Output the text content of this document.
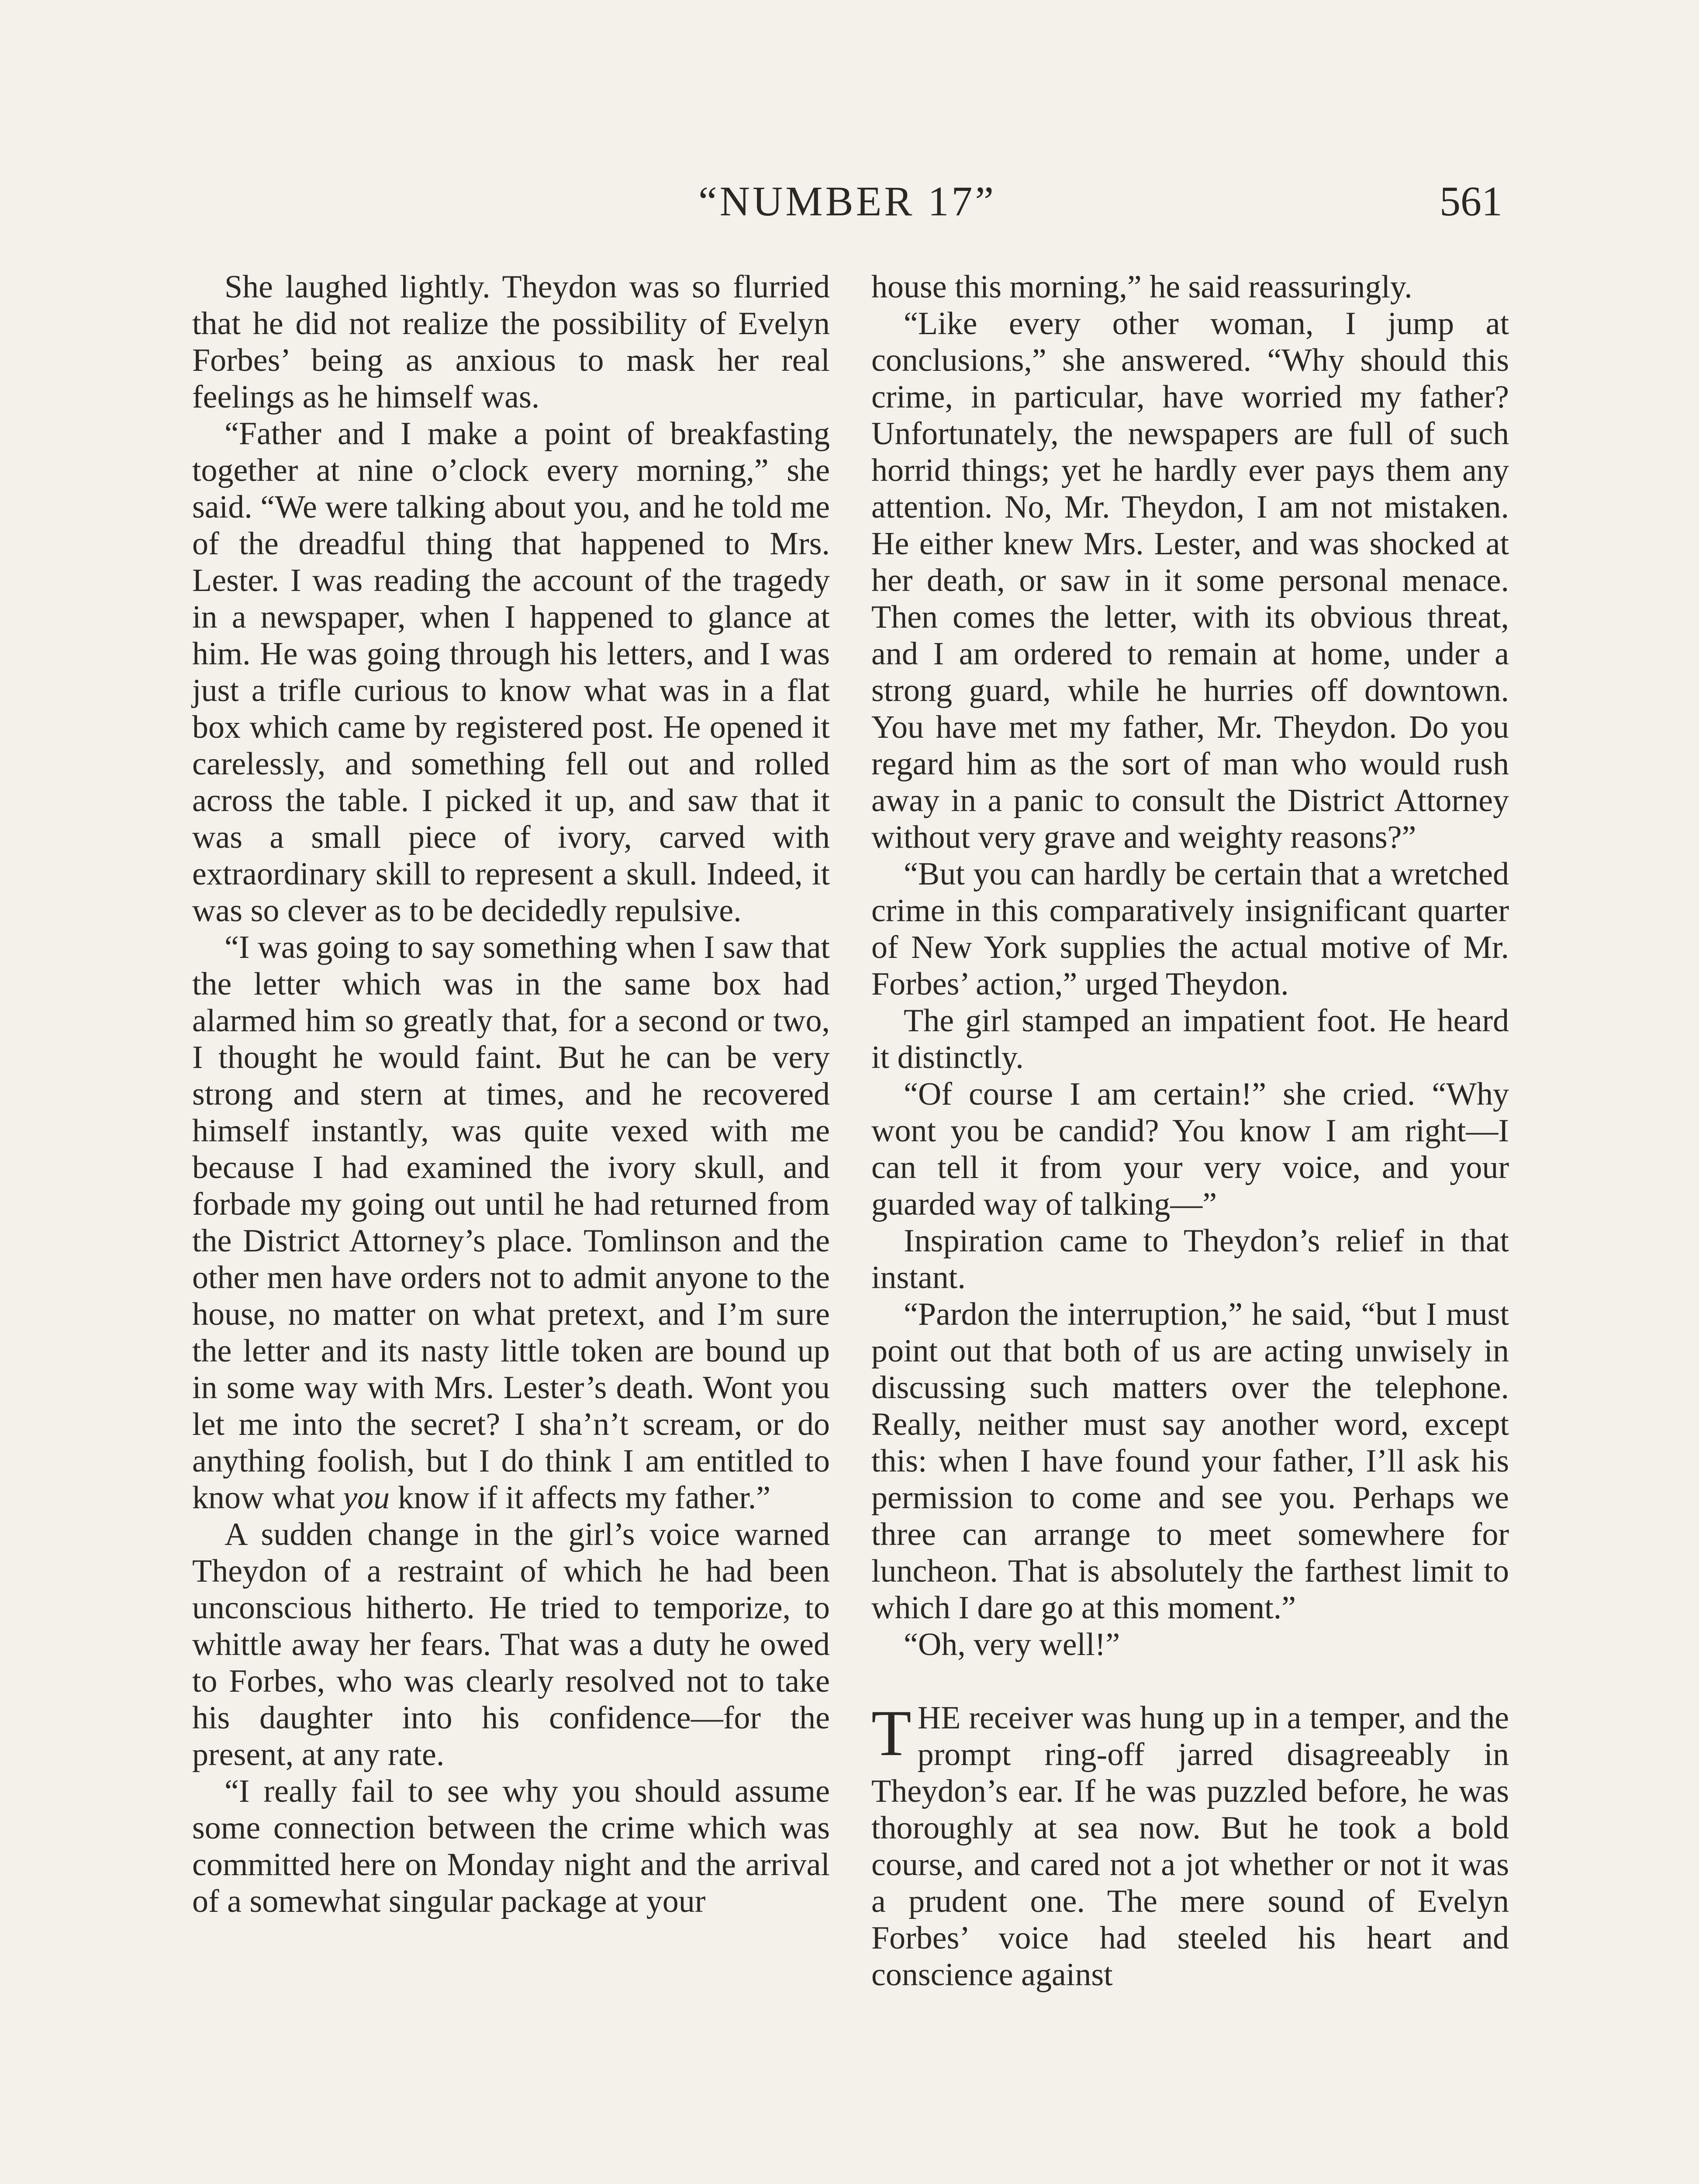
“NUMBER 17”	561

She laughed lightly. Theydon was so flurried that he did not realize the possibility of Evelyn Forbes’ being as anxious to mask her real feelings as he himself was.

“Father and I make a point of breakfasting together at nine o’clock every morning,” she said. “We were talking about you, and he told me of the dreadful thing that happened to Mrs. Lester. I was reading the account of the tragedy in a newspaper, when I happened to glance at him. He was going through his letters, and I was just a trifle curious to know what was in a flat box which came by registered post. He opened it carelessly, and something fell out and rolled across the table. I picked it up, and saw that it was a small piece of ivory, carved with extraordinary skill to represent a skull. Indeed, it was so clever as to be decidedly repulsive.

“I was going to say something when I saw that the letter which was in the same box had alarmed him so greatly that, for a second or two, I thought he would faint. But he can be very strong and stern at times, and he recovered himself instantly, was quite vexed with me because I had examined the ivory skull, and forbade my going out until he had returned from the District Attorney’s place. Tomlinson and the other men have orders not to admit anyone to the house, no matter on what pretext, and I’m sure the letter and its nasty little token are bound up in some way with Mrs. Lester’s death. Wont you let me into the secret? I sha’n’t scream, or do anything foolish, but I do think I am entitled to know what you know if it affects my father.”

A sudden change in the girl’s voice warned Theydon of a restraint of which he had been unconscious hitherto. He tried to temporize, to whittle away her fears. That was a duty he owed to Forbes, who was clearly resolved not to take his daughter into his confidence—for the present, at any rate.

“I really fail to see why you should assume some connection between the crime which was committed here on Monday night and the arrival of a somewhat singular package at your

house this morning,” he said reassuringly.

“Like every other woman, I jump at conclusions,” she answered. “Why should this crime, in particular, have worried my father? Unfortunately, the newspapers are full of such horrid things; yet he hardly ever pays them any attention. No, Mr. Theydon, I am not mistaken. He either knew Mrs. Lester, and was shocked at her death, or saw in it some personal menace. Then comes the letter, with its obvious threat, and I am ordered to remain at home, under a strong guard, while he hurries off downtown. You have met my father, Mr. Theydon. Do you regard him as the sort of man who would rush away in a panic to consult the District Attorney without very grave and weighty reasons?”

“But you can hardly be certain that a wretched crime in this comparatively insignificant quarter of New York supplies the actual motive of Mr. Forbes’ action,” urged Theydon.

The girl stamped an impatient foot. He heard it distinctly.

“Of course I am certain!” she cried. “Why wont you be candid? You know I am right—I can tell it from your very voice, and your guarded way of talking—”

Inspiration came to Theydon’s relief in that instant.

“Pardon the interruption,” he said, “but I must point out that both of us are acting unwisely in discussing such matters over the telephone. Really, neither must say another word, except this: when I have found your father, I’ll ask his permission to come and see you. Perhaps we three can arrange to meet somewhere for luncheon. That is absolutely the farthest limit to which I dare go at this moment.”

“Oh, very well!”

THE receiver was hung up in a temper, and the prompt ring-off jarred disagreeably in Theydon’s ear. If he was puzzled before, he was thoroughly at sea now. But he took a bold course, and cared not a jot whether or not it was a prudent one. The mere sound of Evelyn Forbes’ voice had steeled his heart and conscience against
